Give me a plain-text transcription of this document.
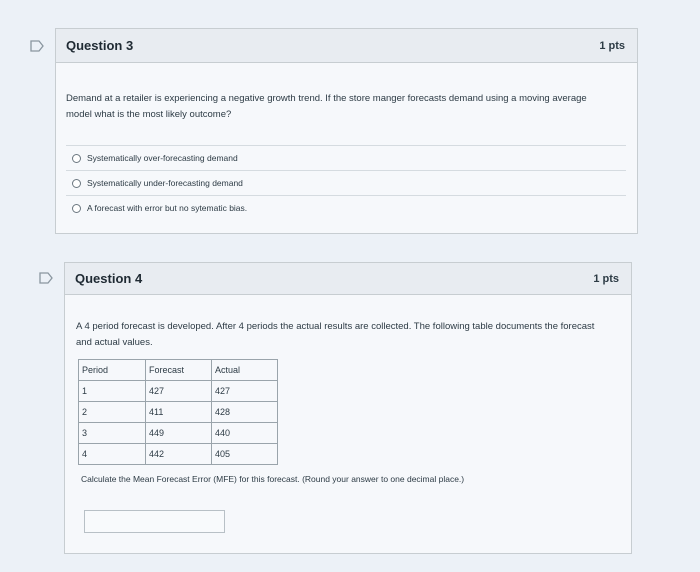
Question 3	1 pts
Demand at a retailer is experiencing a negative growth trend. If the store manger forecasts demand using a moving average model what is the most likely outcome?
Systematically over-forecasting demand
Systematically under-forecasting demand
A forecast with error but no sytematic bias.
Question 4	1 pts
A 4 period forecast is developed. After 4 periods the actual results are collected. The following table documents the forecast and actual values.
Period	Forecast	Actual
1	427	427
2	411	428
3	449	440
4	442	405
Calculate the Mean Forecast Error (MFE) for this forecast. (Round your answer to one decimal place.)
